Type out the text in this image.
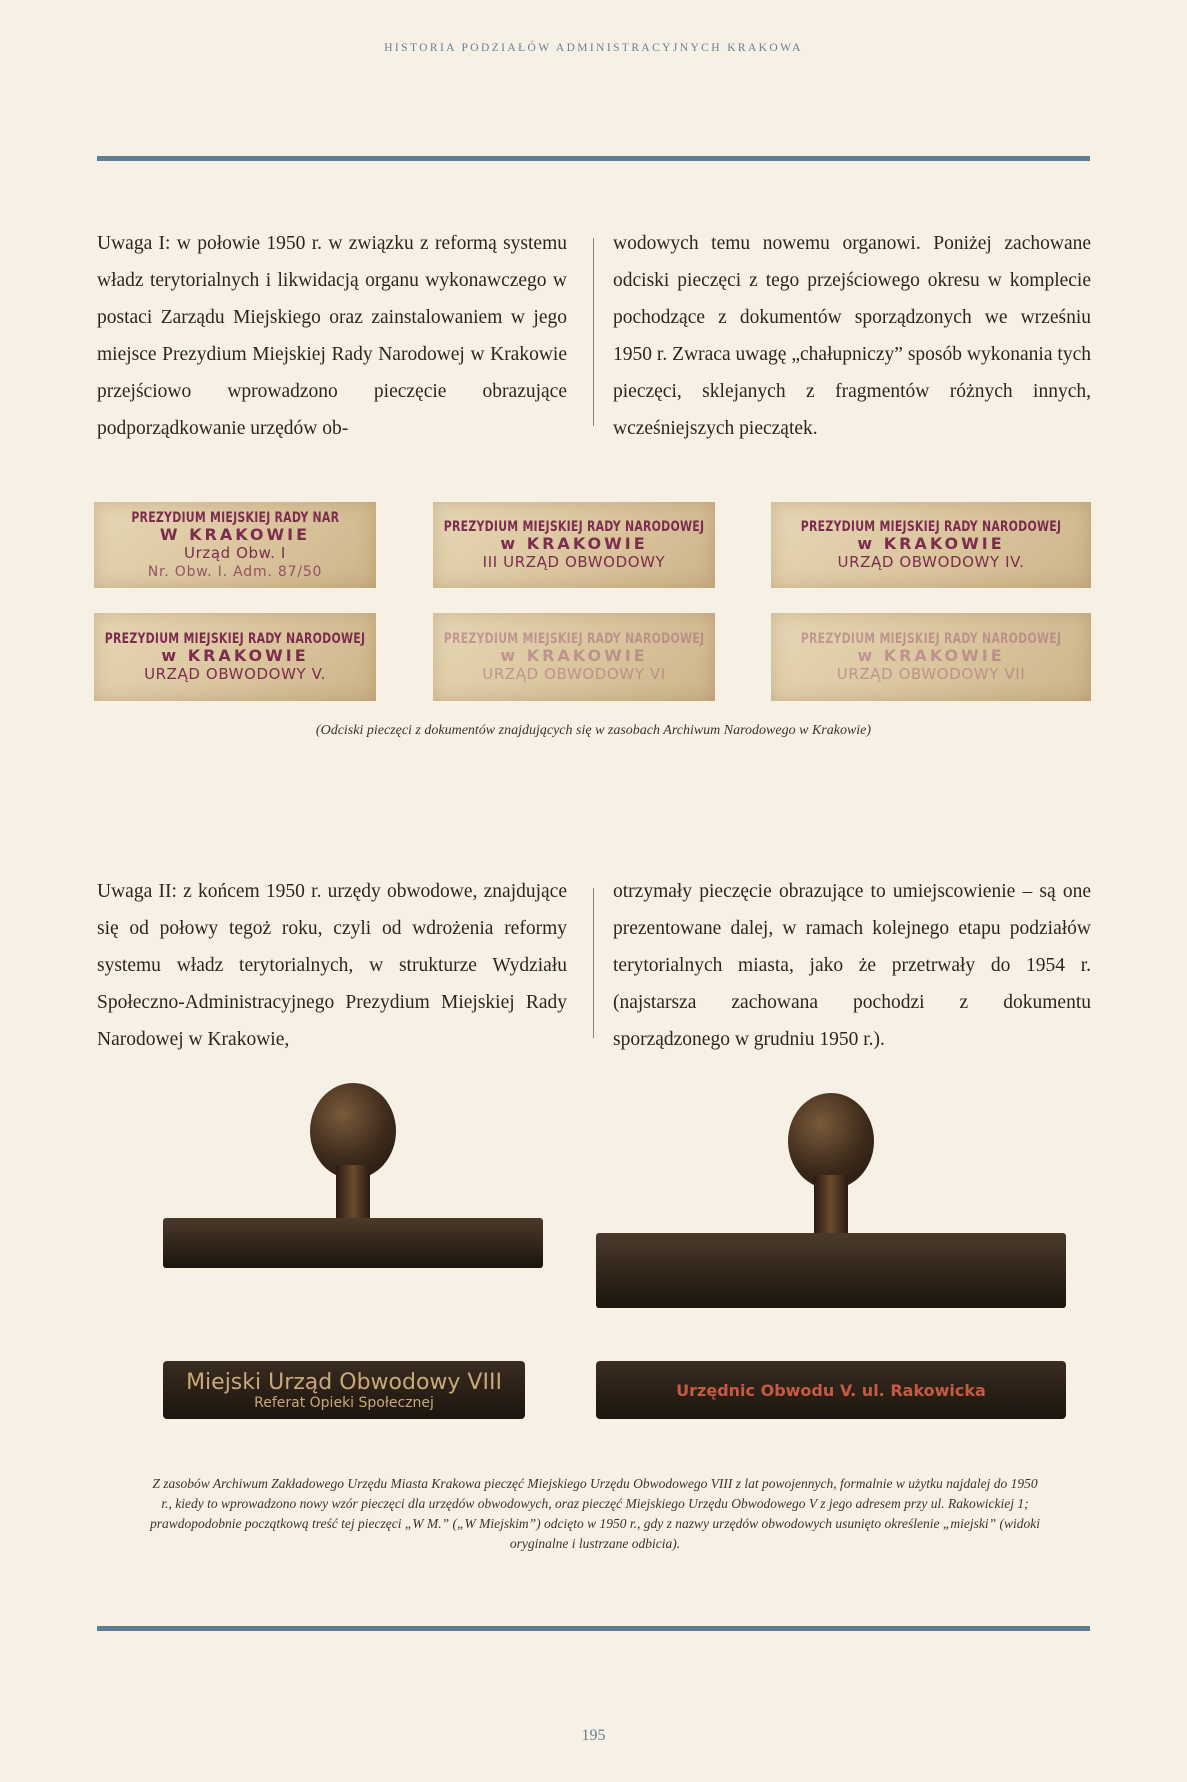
HISTORIA PODZIAŁÓW ADMINISTRACYJNYCH KRAKOWA
Uwaga I: w połowie 1950 r. w związku z reformą systemu władz terytorialnych i likwidacją organu wykonawczego w postaci Zarządu Miejskiego oraz zainstalowaniem w jego miejsce Prezydium Miejskiej Rady Narodowej w Krakowie przejściowo wprowadzono pieczęcie obrazujące podporządkowanie urzędów ob-
wodowych temu nowemu organowi. Poniżej zachowane odciski pieczęci z tego przejściowego okresu w komplecie pochodzące z dokumentów sporządzonych we wrześniu 1950 r. Zwraca uwagę „chałupniczy” sposób wykonania tych pieczęci, sklejanych z fragmentów różnych innych, wcześniejszych pieczątek.
PREZYDIUM MIEJSKIEJ RADY NAR
W KRAKOWIE
Urząd Obw. I
Nr. Obw. I. Adm. 87/50
PREZYDIUM MIEJSKIEJ RADY NARODOWEJ
w KRAKOWIE
III URZĄD OBWODOWY
PREZYDIUM MIEJSKIEJ RADY NARODOWEJ
w KRAKOWIE
URZĄD OBWODOWY IV.
PREZYDIUM MIEJSKIEJ RADY NARODOWEJ
w KRAKOWIE
URZĄD OBWODOWY V.
PREZYDIUM MIEJSKIEJ RADY NARODOWEJ
w KRAKOWIE
URZĄD OBWODOWY VI
PREZYDIUM MIEJSKIEJ RADY NARODOWEJ
w KRAKOWIE
URZĄD OBWODOWY VII
(Odciski pieczęci z dokumentów znajdujących się w zasobach Archiwum Narodowego w Krakowie)
Uwaga II: z końcem 1950 r. urzędy obwodowe, znajdujące się od połowy tegoż roku, czyli od wdrożenia reformy systemu władz terytorialnych, w strukturze Wydziału Społeczno-Administracyjnego Prezydium Miejskiej Rady Narodowej w Krakowie,
otrzymały pieczęcie obrazujące to umiejscowienie – są one prezentowane dalej, w ramach kolejnego etapu podziałów terytorialnych miasta, jako że przetrwały do 1954 r. (najstarsza zachowana pochodzi z dokumentu sporządzonego w grudniu 1950 r.).
Miejski Urząd Obwodowy VIII
Referat Opieki Społecznej
Urzędnic Obwodu V. ul. Rakowicka
Z zasobów Archiwum Zakładowego Urzędu Miasta Krakowa pieczęć Miejskiego Urzędu Obwodowego VIII z lat powojennych, formalnie w użytku najdalej do 1950 r., kiedy to wprowadzono nowy wzór pieczęci dla urzędów obwodowych, oraz pieczęć Miejskiego Urzędu Obwodowego V z jego adresem przy ul. Rakowickiej 1; prawdopodobnie początkową treść tej pieczęci „W M.” („W Miejskim”) odcięto w 1950 r., gdy z nazwy urzędów obwodowych usunięto określenie „miejski” (widoki oryginalne i lustrzane odbicia).
195
